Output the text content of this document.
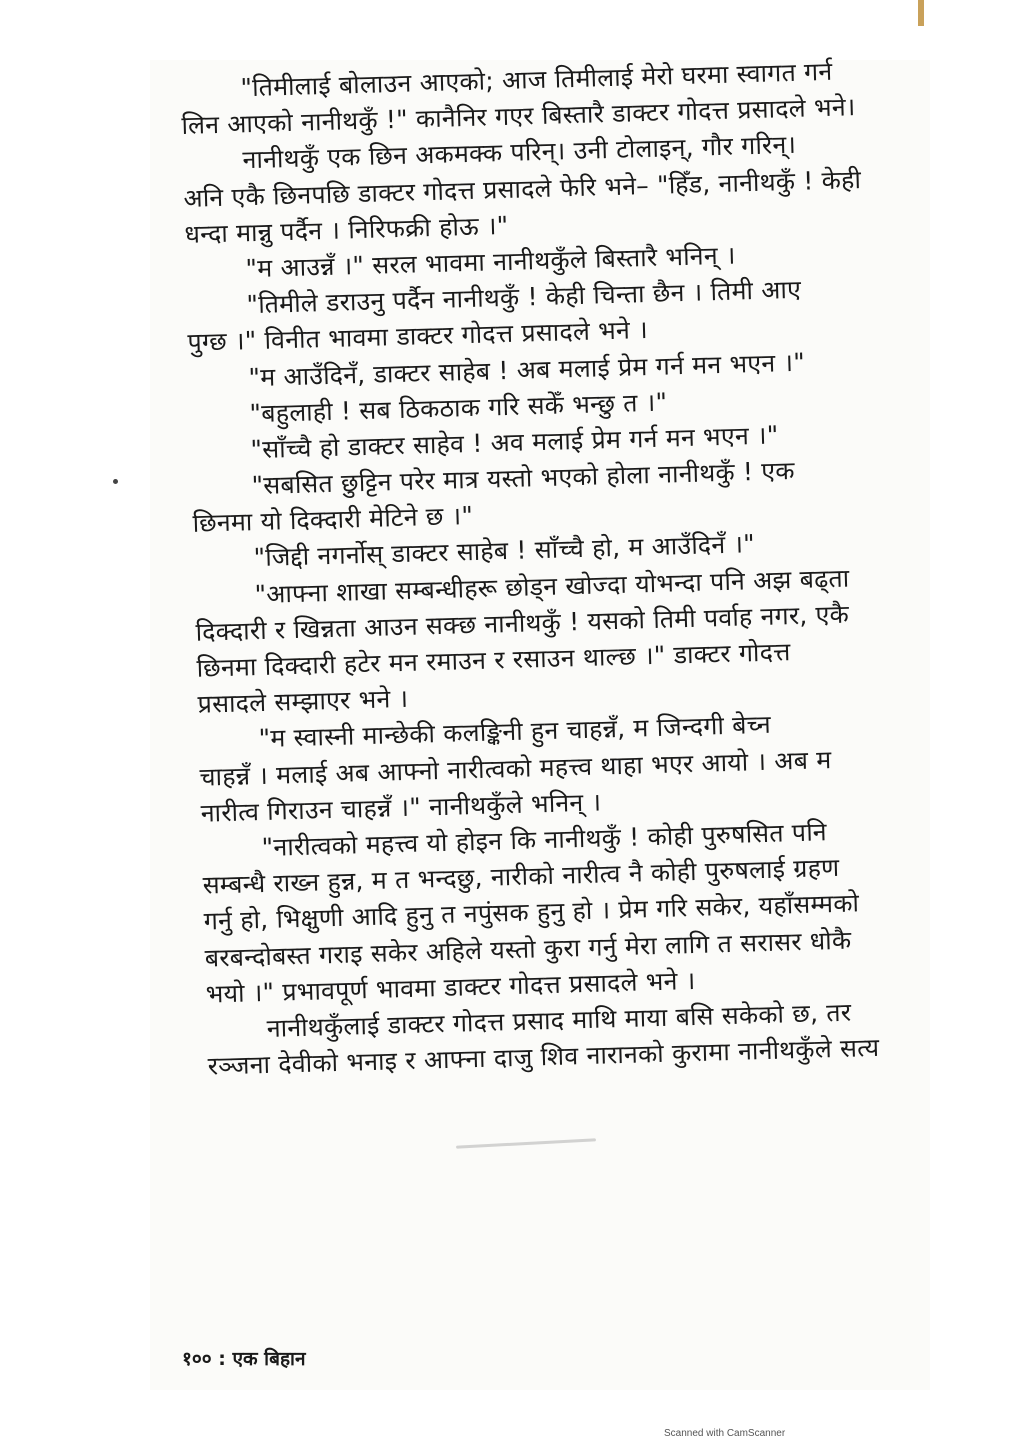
"तिमीलाई बोलाउन आएको; आज तिमीलाई मेरो घरमा स्वागत गर्न
लिन आएको नानीथकुँ !" कानैनिर गएर बिस्तारै डाक्टर गोदत्त प्रसादले भने।
नानीथकुँ एक छिन अकमक्क परिन्। उनी टोलाइन्, गौर गरिन्।
अनि एकै छिनपछि डाक्टर गोदत्त प्रसादले फेरि भने– "हिँड, नानीथकुँ ! केही
धन्दा मान्नु पर्दैन । निरिफक्री होऊ ।"
"म आउन्नँ ।" सरल भावमा नानीथकुँले बिस्तारै भनिन् ।
"तिमीले डराउनु पर्दैन नानीथकुँ ! केही चिन्ता छैन । तिमी आए
पुग्छ ।" विनीत भावमा डाक्टर गोदत्त प्रसादले भने ।
"म आउँदिनँ, डाक्टर साहेब ! अब मलाई प्रेम गर्न मन भएन ।"
"बहुलाही ! सब ठिकठाक गरि सकेँ भन्छु त ।"
"साँच्चै हो डाक्टर साहेव ! अव मलाई प्रेम गर्न मन भएन ।"
"सबसित छुट्टिन परेर मात्र यस्तो भएको होला नानीथकुँ ! एक
छिनमा यो दिक्दारी मेटिने छ ।"
"जिद्दी नगर्नोस् डाक्टर साहेब ! साँच्चै हो, म आउँदिनँ ।"
"आफ्ना शाखा सम्बन्धीहरू छोड्न खोज्दा योभन्दा पनि अझ बढ्ता
दिक्दारी र खिन्नता आउन सक्छ नानीथकुँ ! यसको तिमी पर्वाह नगर, एकै
छिनमा दिक्दारी हटेर मन रमाउन र रसाउन थाल्छ ।" डाक्टर गोदत्त
प्रसादले सम्झाएर भने ।
"म स्वास्नी मान्छेकी कलङ्किनी हुन चाहन्नँ, म जिन्दगी बेच्न
चाहन्नँ । मलाई अब आफ्नो नारीत्वको महत्त्व थाहा भएर आयो । अब म
नारीत्व गिराउन चाहन्नँ ।" नानीथकुँले भनिन् ।
"नारीत्वको महत्त्व यो होइन कि नानीथकुँ ! कोही पुरुषसित पनि
सम्बन्धै राख्न हुन्न, म त भन्दछु, नारीको नारीत्व नै कोही पुरुषलाई ग्रहण
गर्नु हो, भिक्षुणी आदि हुनु त नपुंसक हुनु हो । प्रेम गरि सकेर, यहाँसम्मको
बरबन्दोबस्त गराइ सकेर अहिले यस्तो कुरा गर्नु मेरा लागि त सरासर धोकै
भयो ।" प्रभावपूर्ण भावमा डाक्टर गोदत्त प्रसादले भने ।
नानीथकुँलाई डाक्टर गोदत्त प्रसाद माथि माया बसि सकेको छ, तर
रञ्जना देवीको भनाइ र आफ्ना दाजु शिव नारानको कुरामा नानीथकुँले सत्य
१०० : एक बिहान
Scanned with CamScanner
